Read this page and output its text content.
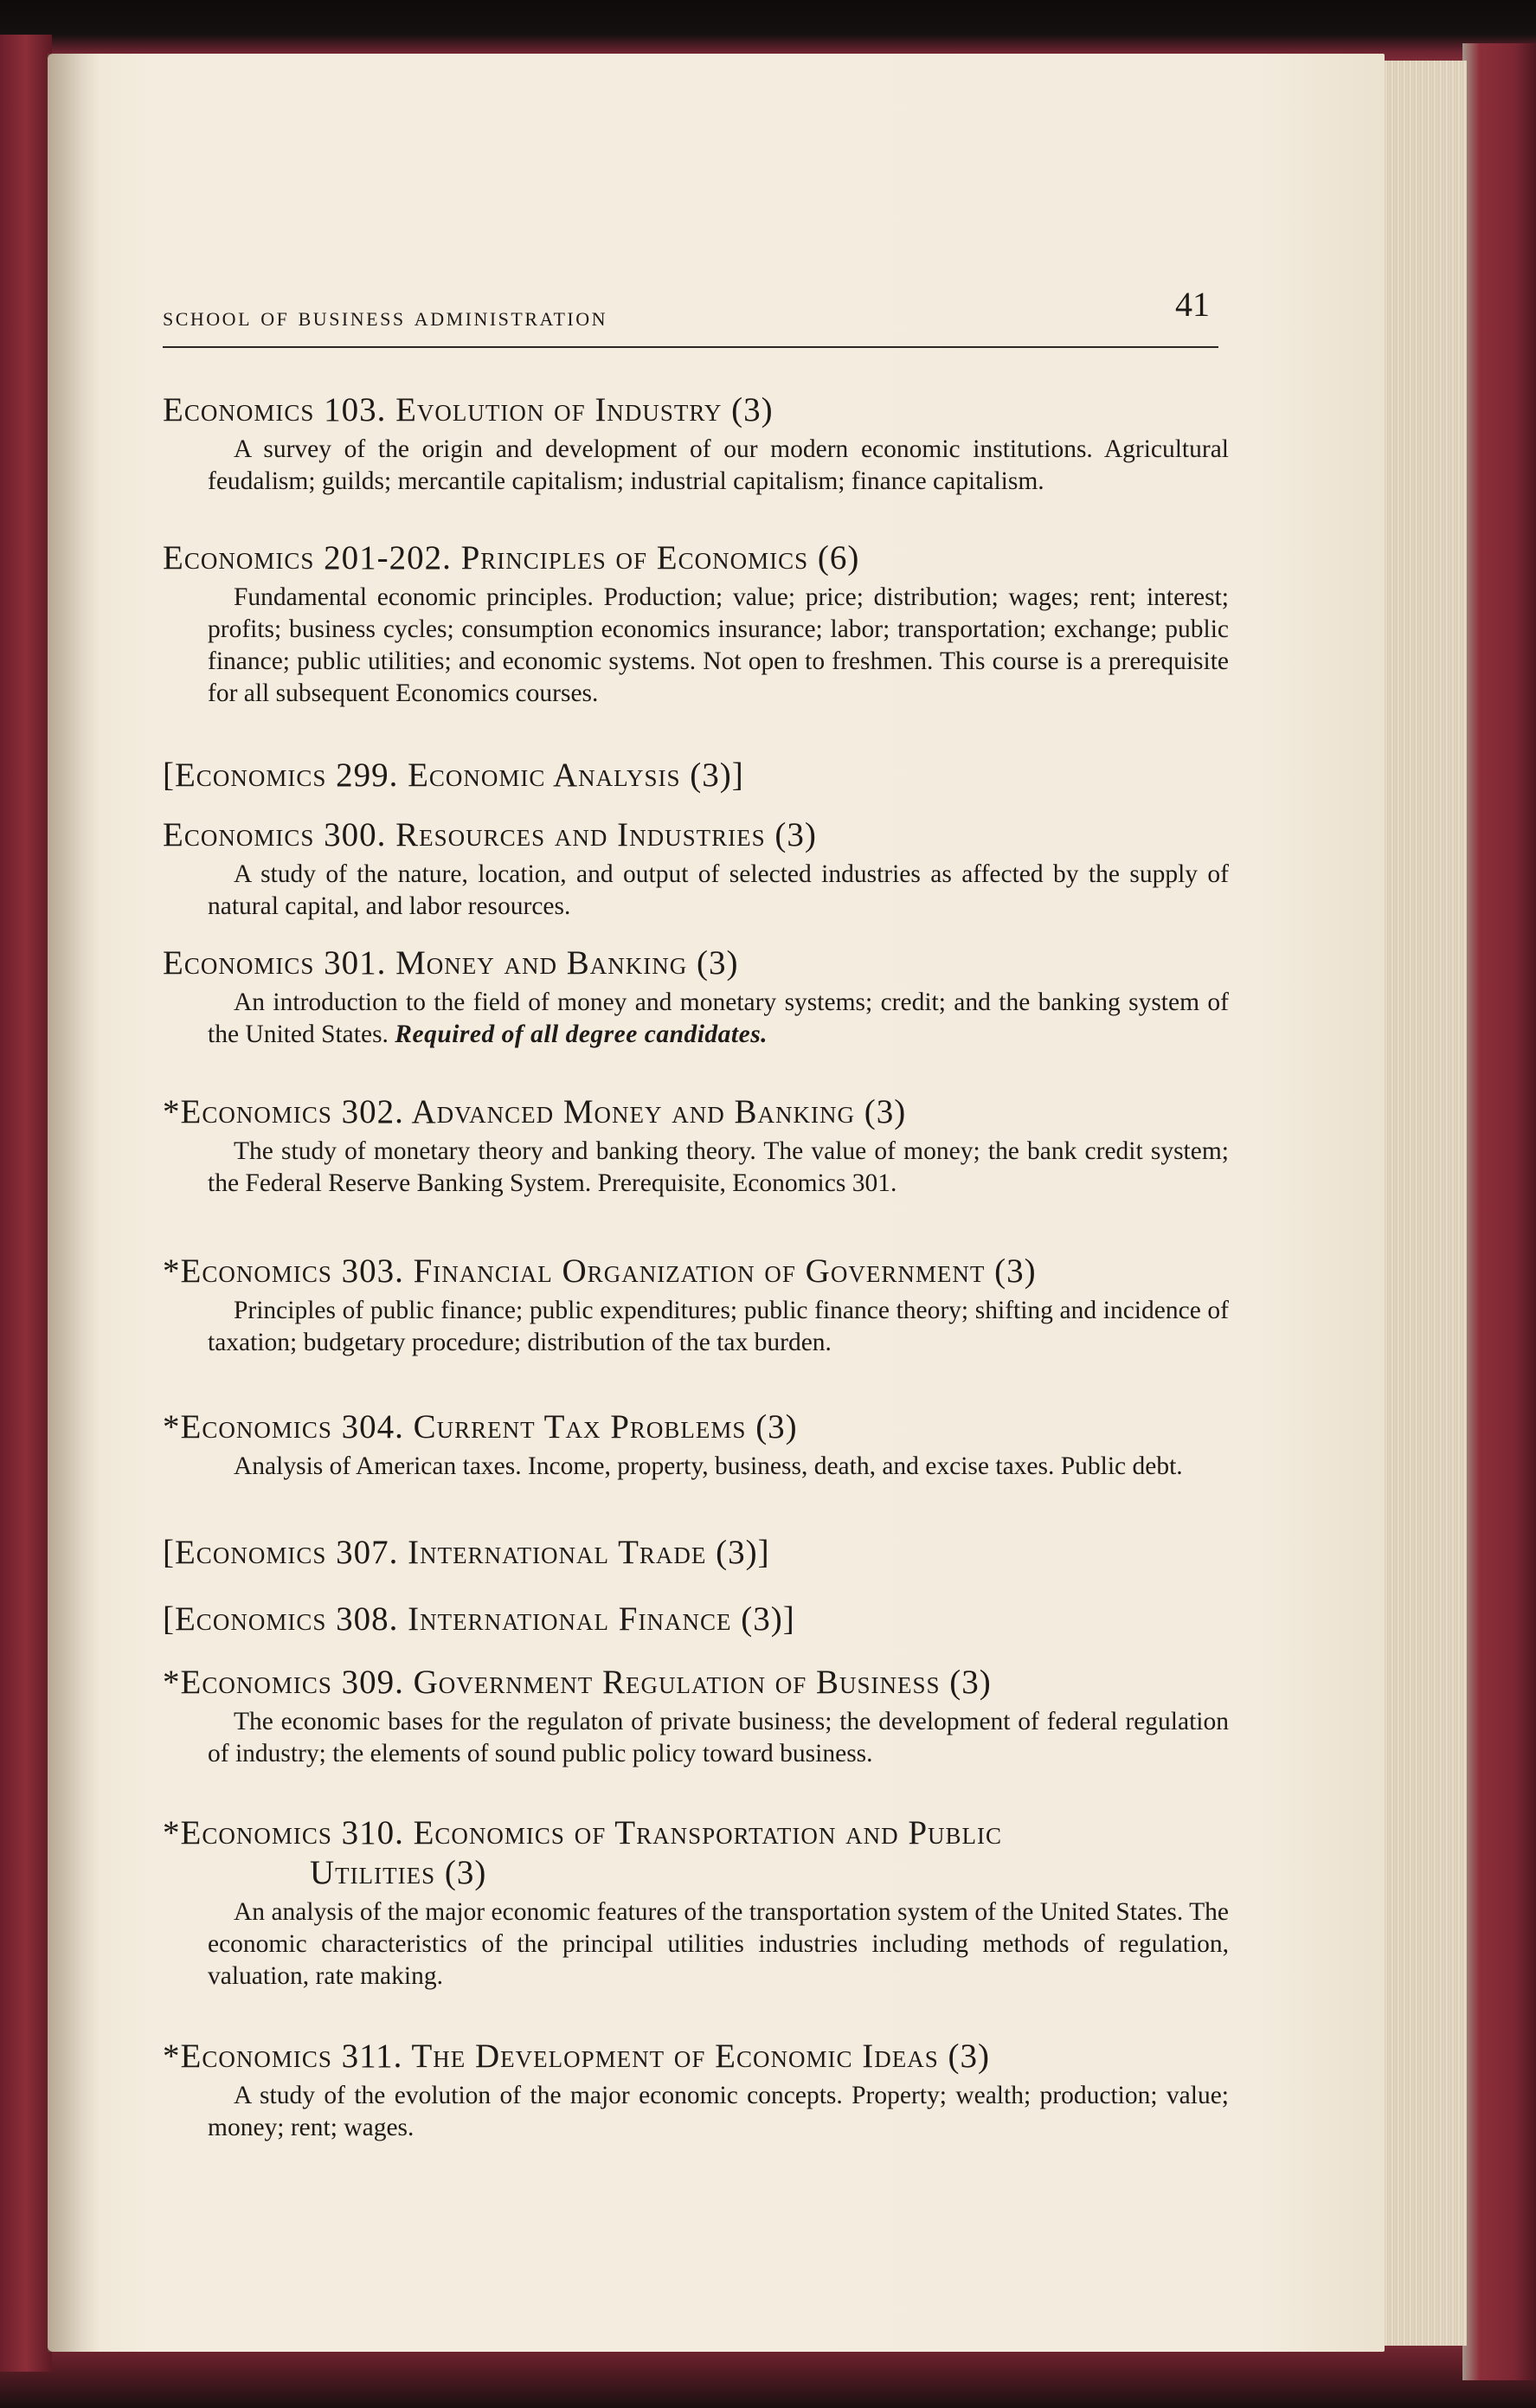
school of business administration	41
Economics 103. Evolution of Industry (3)
A survey of the origin and development of our modern economic institutions. Agricultural feudalism; guilds; mercantile capitalism; industrial capitalism; finance capitalism.
Economics 201-202. Principles of Economics (6)
Fundamental economic principles. Production; value; price; distribution; wages; rent; interest; profits; business cycles; consumption economics insurance; labor; transportation; exchange; public finance; public utilities; and economic systems. Not open to freshmen. This course is a prerequisite for all subsequent Economics courses.
[Economics 299. Economic Analysis (3)]
Economics 300. Resources and Industries (3)
A study of the nature, location, and output of selected industries as affected by the supply of natural capital, and labor resources.
Economics 301. Money and Banking (3)
An introduction to the field of money and monetary systems; credit; and the banking system of the United States. Required of all degree candidates.
*Economics 302. Advanced Money and Banking (3)
The study of monetary theory and banking theory. The value of money; the bank credit system; the Federal Reserve Banking System. Prerequisite, Economics 301.
*Economics 303. Financial Organization of Government (3)
Principles of public finance; public expenditures; public finance theory; shifting and incidence of taxation; budgetary procedure; distribution of the tax burden.
*Economics 304. Current Tax Problems (3)
Analysis of American taxes. Income, property, business, death, and excise taxes. Public debt.
[Economics 307. International Trade (3)]
[Economics 308. International Finance (3)]
*Economics 309. Government Regulation of Business (3)
The economic bases for the regulaton of private business; the development of federal regulation of industry; the elements of sound public policy toward business.
*Economics 310. Economics of Transportation and Public
Utilities (3)
An analysis of the major economic features of the transportation system of the United States. The economic characteristics of the principal utilities industries including methods of regulation, valuation, rate making.
*Economics 311. The Development of Economic Ideas (3)
A study of the evolution of the major economic concepts. Property; wealth; production; value; money; rent; wages.
